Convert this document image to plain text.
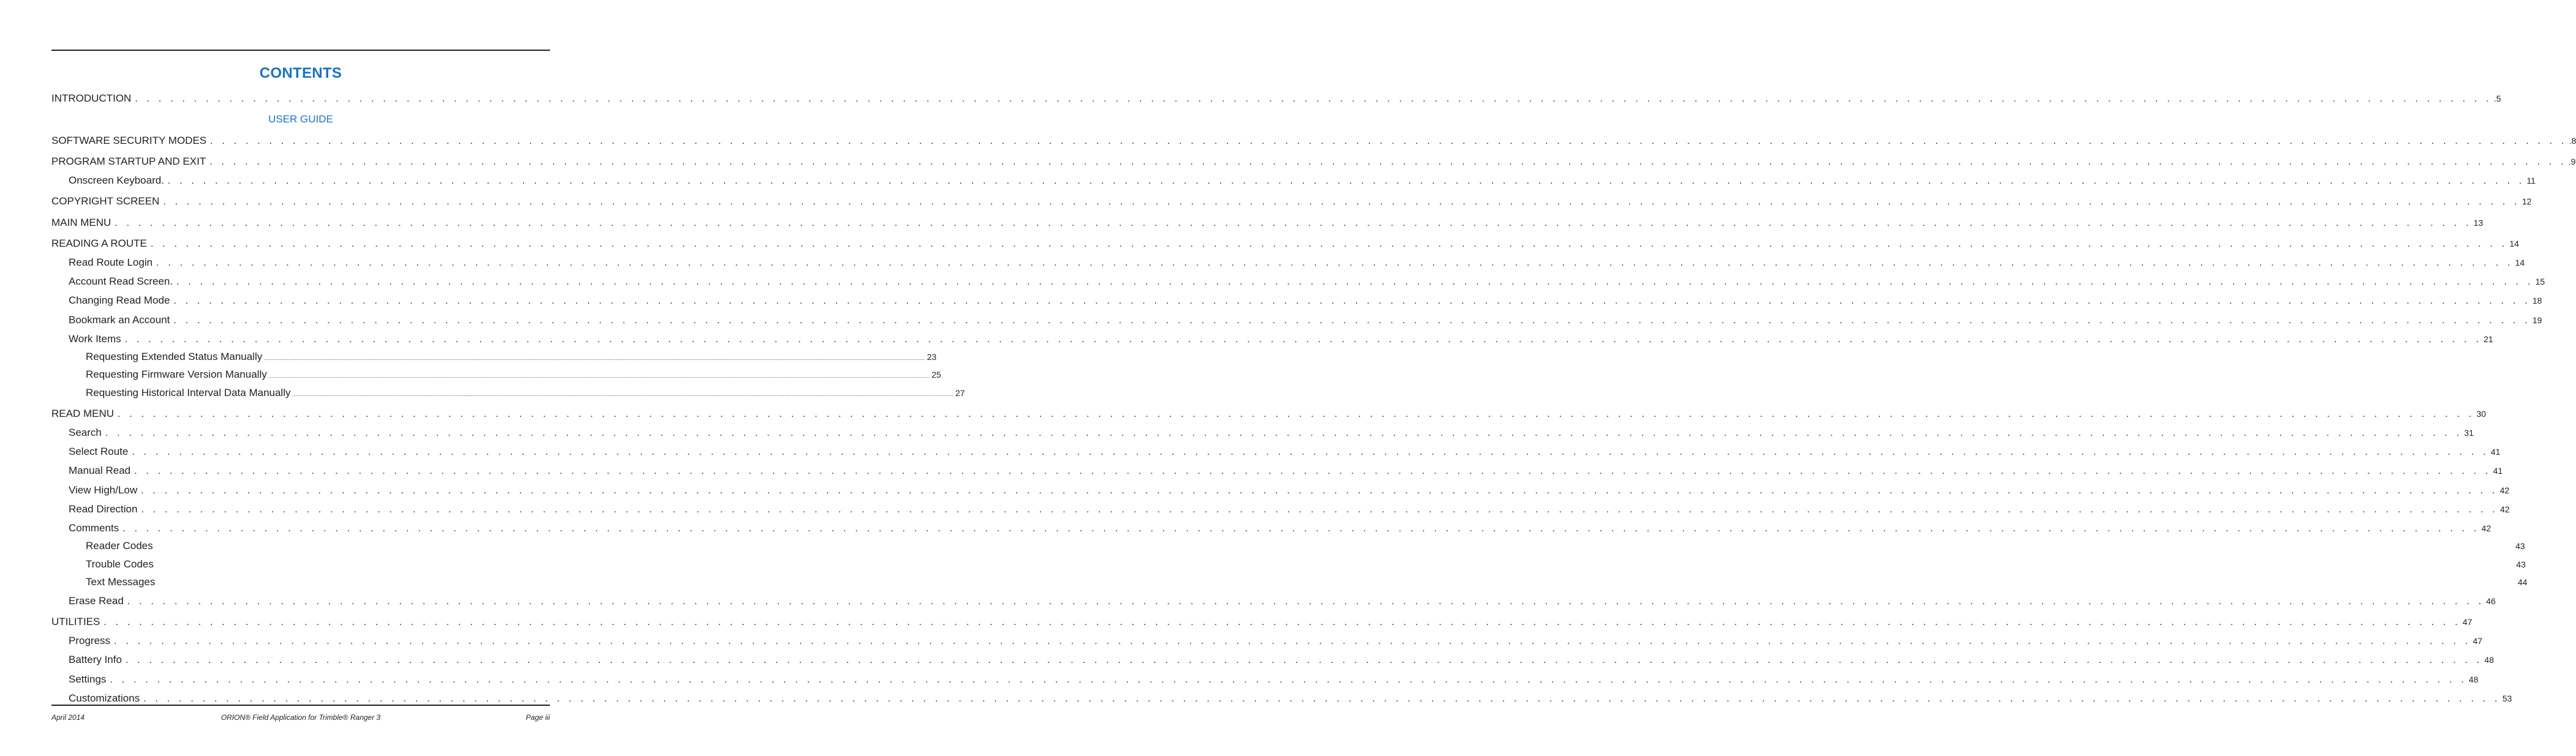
CONTENTS
INTRODUCTION . . . . . . . . . . . . . . . . . . . . . . . . . . . . . . . . . . . . . . . . . . . . . . . . . . . . . . . . . . . . . . . . . . . . . . . . . . . . . . . . . . . . . . . . . . . . . . . . . . . . . . . . . . . . . . . . . . . . . . . . . . . . . . . . . . . . . . . . . . . . . . . . . . . . . . . . . . . . . . . . . . . . . . . . . . . . . . . . . . . . . . . . . . . . . . . . . . . . . . . . .5
USER GUIDE
SOFTWARE SECURITY MODES . . . . . . . . . . . . . . . . . . . . . . . . . . . . . . . . . . . . . . . . . . . . . . . . . . . . . . . . . . . . . . . . . . . . . . . . . . . . . . . . . . . . . . . . . . . . . . . . . . . . . . . . . . . . . . . . . . . . . . . . . . . . . . . . . . . . . . . . . . . . . . . . . . . . . . . . . . . . . . . . . . . . . . . . . . . . . . . . . . . . . . . . . . . . . . . . . . . . . . . . .8
PROGRAM STARTUP AND EXIT . . . . . . . . . . . . . . . . . . . . . . . . . . . . . . . . . . . . . . . . . . . . . . . . . . . . . . . . . . . . . . . . . . . . . . . . . . . . . . . . . . . . . . . . . . . . . . . . . . . . . . . . . . . . . . . . . . . . . . . . . . . . . . . . . . . . . . . . . . . . . . . . . . . . . . . . . . . . . . . . . . . . . . . . . . . . . . . . . . . . . . . . . . . . . . . . . . . . . . . . .9
Onscreen Keyboard. . . . . . . . . . . . . . . . . . . . . . . . . . . . . . . . . . . . . . . . . . . . . . . . . . . . . . . . . . . . . . . . . . . . . . . . . . . . . . . . . . . . . . . . . . . . . . . . . . . . . . . . . . . . . . . . . . . . . . . . . . . . . . . . . . . . . . . . . . . . . . . . . . . . . . . . . . . . . . . . . . . . . . . . . . . . . . . . . . . . . . . . . . . . . . . . . . . . . . . . . 11
COPYRIGHT SCREEN . . . . . . . . . . . . . . . . . . . . . . . . . . . . . . . . . . . . . . . . . . . . . . . . . . . . . . . . . . . . . . . . . . . . . . . . . . . . . . . . . . . . . . . . . . . . . . . . . . . . . . . . . . . . . . . . . . . . . . . . . . . . . . . . . . . . . . . . . . . . . . . . . . . . . . . . . . . . . . . . . . . . . . . . . . . . . . . . . . . . . . . . . . . . . . . . . . . . . . . . 12
MAIN MENU . . . . . . . . . . . . . . . . . . . . . . . . . . . . . . . . . . . . . . . . . . . . . . . . . . . . . . . . . . . . . . . . . . . . . . . . . . . . . . . . . . . . . . . . . . . . . . . . . . . . . . . . . . . . . . . . . . . . . . . . . . . . . . . . . . . . . . . . . . . . . . . . . . . . . . . . . . . . . . . . . . . . . . . . . . . . . . . . . . . . . . . . . . . . . . . . . . . . . . . . 13
READING A ROUTE . . . . . . . . . . . . . . . . . . . . . . . . . . . . . . . . . . . . . . . . . . . . . . . . . . . . . . . . . . . . . . . . . . . . . . . . . . . . . . . . . . . . . . . . . . . . . . . . . . . . . . . . . . . . . . . . . . . . . . . . . . . . . . . . . . . . . . . . . . . . . . . . . . . . . . . . . . . . . . . . . . . . . . . . . . . . . . . . . . . . . . . . . . . . . . . . . . . . . . . . 14
Read Route Login . . . . . . . . . . . . . . . . . . . . . . . . . . . . . . . . . . . . . . . . . . . . . . . . . . . . . . . . . . . . . . . . . . . . . . . . . . . . . . . . . . . . . . . . . . . . . . . . . . . . . . . . . . . . . . . . . . . . . . . . . . . . . . . . . . . . . . . . . . . . . . . . . . . . . . . . . . . . . . . . . . . . . . . . . . . . . . . . . . . . . . . . . . . . . . . . . . . . . . . . 14
Account Read Screen. . . . . . . . . . . . . . . . . . . . . . . . . . . . . . . . . . . . . . . . . . . . . . . . . . . . . . . . . . . . . . . . . . . . . . . . . . . . . . . . . . . . . . . . . . . . . . . . . . . . . . . . . . . . . . . . . . . . . . . . . . . . . . . . . . . . . . . . . . . . . . . . . . . . . . . . . . . . . . . . . . . . . . . . . . . . . . . . . . . . . . . . . . . . . . . . . . . . . . . . . 15
Changing Read Mode . . . . . . . . . . . . . . . . . . . . . . . . . . . . . . . . . . . . . . . . . . . . . . . . . . . . . . . . . . . . . . . . . . . . . . . . . . . . . . . . . . . . . . . . . . . . . . . . . . . . . . . . . . . . . . . . . . . . . . . . . . . . . . . . . . . . . . . . . . . . . . . . . . . . . . . . . . . . . . . . . . . . . . . . . . . . . . . . . . . . . . . . . . . . . . . . . . . . . . . . 18
Bookmark an Account . . . . . . . . . . . . . . . . . . . . . . . . . . . . . . . . . . . . . . . . . . . . . . . . . . . . . . . . . . . . . . . . . . . . . . . . . . . . . . . . . . . . . . . . . . . . . . . . . . . . . . . . . . . . . . . . . . . . . . . . . . . . . . . . . . . . . . . . . . . . . . . . . . . . . . . . . . . . . . . . . . . . . . . . . . . . . . . . . . . . . . . . . . . . . . . . . . . . . . . . 19
Work Items . . . . . . . . . . . . . . . . . . . . . . . . . . . . . . . . . . . . . . . . . . . . . . . . . . . . . . . . . . . . . . . . . . . . . . . . . . . . . . . . . . . . . . . . . . . . . . . . . . . . . . . . . . . . . . . . . . . . . . . . . . . . . . . . . . . . . . . . . . . . . . . . . . . . . . . . . . . . . . . . . . . . . . . . . . . . . . . . . . . . . . . . . . . . . . . . . . . . . . . . 21
Requesting Extended Status Manually ................................................................................................................................................................................................................................................................................................................................................................................................................ 23
Requesting Firmware Version Manually ................................................................................................................................................................................................................................................................................................................................................................................................................ 25
Requesting Historical Interval Data Manually ................................................................................................................................................................................................................................................................................................................................................................................................................ 27
READ MENU . . . . . . . . . . . . . . . . . . . . . . . . . . . . . . . . . . . . . . . . . . . . . . . . . . . . . . . . . . . . . . . . . . . . . . . . . . . . . . . . . . . . . . . . . . . . . . . . . . . . . . . . . . . . . . . . . . . . . . . . . . . . . . . . . . . . . . . . . . . . . . . . . . . . . . . . . . . . . . . . . . . . . . . . . . . . . . . . . . . . . . . . . . . . . . . . . . . . . . . . 30
Search . . . . . . . . . . . . . . . . . . . . . . . . . . . . . . . . . . . . . . . . . . . . . . . . . . . . . . . . . . . . . . . . . . . . . . . . . . . . . . . . . . . . . . . . . . . . . . . . . . . . . . . . . . . . . . . . . . . . . . . . . . . . . . . . . . . . . . . . . . . . . . . . . . . . . . . . . . . . . . . . . . . . . . . . . . . . . . . . . . . . . . . . . . . . . . . . . . . . . . . . 31
Select Route . . . . . . . . . . . . . . . . . . . . . . . . . . . . . . . . . . . . . . . . . . . . . . . . . . . . . . . . . . . . . . . . . . . . . . . . . . . . . . . . . . . . . . . . . . . . . . . . . . . . . . . . . . . . . . . . . . . . . . . . . . . . . . . . . . . . . . . . . . . . . . . . . . . . . . . . . . . . . . . . . . . . . . . . . . . . . . . . . . . . . . . . . . . . . . . . . . . . . . . . 41
Manual Read . . . . . . . . . . . . . . . . . . . . . . . . . . . . . . . . . . . . . . . . . . . . . . . . . . . . . . . . . . . . . . . . . . . . . . . . . . . . . . . . . . . . . . . . . . . . . . . . . . . . . . . . . . . . . . . . . . . . . . . . . . . . . . . . . . . . . . . . . . . . . . . . . . . . . . . . . . . . . . . . . . . . . . . . . . . . . . . . . . . . . . . . . . . . . . . . . . . . . . . . 41
View High/Low . . . . . . . . . . . . . . . . . . . . . . . . . . . . . . . . . . . . . . . . . . . . . . . . . . . . . . . . . . . . . . . . . . . . . . . . . . . . . . . . . . . . . . . . . . . . . . . . . . . . . . . . . . . . . . . . . . . . . . . . . . . . . . . . . . . . . . . . . . . . . . . . . . . . . . . . . . . . . . . . . . . . . . . . . . . . . . . . . . . . . . . . . . . . . . . . . . . . . . . . 42
Read Direction . . . . . . . . . . . . . . . . . . . . . . . . . . . . . . . . . . . . . . . . . . . . . . . . . . . . . . . . . . . . . . . . . . . . . . . . . . . . . . . . . . . . . . . . . . . . . . . . . . . . . . . . . . . . . . . . . . . . . . . . . . . . . . . . . . . . . . . . . . . . . . . . . . . . . . . . . . . . . . . . . . . . . . . . . . . . . . . . . . . . . . . . . . . . . . . . . . . . . . . . 42
Comments . . . . . . . . . . . . . . . . . . . . . . . . . . . . . . . . . . . . . . . . . . . . . . . . . . . . . . . . . . . . . . . . . . . . . . . . . . . . . . . . . . . . . . . . . . . . . . . . . . . . . . . . . . . . . . . . . . . . . . . . . . . . . . . . . . . . . . . . . . . . . . . . . . . . . . . . . . . . . . . . . . . . . . . . . . . . . . . . . . . . . . . . . . . . . . . . . . . . . . . . 42
Reader Codes	43
Trouble Codes	43
Text Messages	44
Erase Read . . . . . . . . . . . . . . . . . . . . . . . . . . . . . . . . . . . . . . . . . . . . . . . . . . . . . . . . . . . . . . . . . . . . . . . . . . . . . . . . . . . . . . . . . . . . . . . . . . . . . . . . . . . . . . . . . . . . . . . . . . . . . . . . . . . . . . . . . . . . . . . . . . . . . . . . . . . . . . . . . . . . . . . . . . . . . . . . . . . . . . . . . . . . . . . . . . . . . . . . 46
UTILITIES . . . . . . . . . . . . . . . . . . . . . . . . . . . . . . . . . . . . . . . . . . . . . . . . . . . . . . . . . . . . . . . . . . . . . . . . . . . . . . . . . . . . . . . . . . . . . . . . . . . . . . . . . . . . . . . . . . . . . . . . . . . . . . . . . . . . . . . . . . . . . . . . . . . . . . . . . . . . . . . . . . . . . . . . . . . . . . . . . . . . . . . . . . . . . . . . . . . . . . . . 47
Progress . . . . . . . . . . . . . . . . . . . . . . . . . . . . . . . . . . . . . . . . . . . . . . . . . . . . . . . . . . . . . . . . . . . . . . . . . . . . . . . . . . . . . . . . . . . . . . . . . . . . . . . . . . . . . . . . . . . . . . . . . . . . . . . . . . . . . . . . . . . . . . . . . . . . . . . . . . . . . . . . . . . . . . . . . . . . . . . . . . . . . . . . . . . . . . . . . . . . . . . . 47
Battery Info . . . . . . . . . . . . . . . . . . . . . . . . . . . . . . . . . . . . . . . . . . . . . . . . . . . . . . . . . . . . . . . . . . . . . . . . . . . . . . . . . . . . . . . . . . . . . . . . . . . . . . . . . . . . . . . . . . . . . . . . . . . . . . . . . . . . . . . . . . . . . . . . . . . . . . . . . . . . . . . . . . . . . . . . . . . . . . . . . . . . . . . . . . . . . . . . . . . . . . . . 48
Settings . . . . . . . . . . . . . . . . . . . . . . . . . . . . . . . . . . . . . . . . . . . . . . . . . . . . . . . . . . . . . . . . . . . . . . . . . . . . . . . . . . . . . . . . . . . . . . . . . . . . . . . . . . . . . . . . . . . . . . . . . . . . . . . . . . . . . . . . . . . . . . . . . . . . . . . . . . . . . . . . . . . . . . . . . . . . . . . . . . . . . . . . . . . . . . . . . . . . . . . . 48
Customizations . . . . . . . . . . . . . . . . . . . . . . . . . . . . . . . . . . . . . . . . . . . . . . . . . . . . . . . . . . . . . . . . . . . . . . . . . . . . . . . . . . . . . . . . . . . . . . . . . . . . . . . . . . . . . . . . . . . . . . . . . . . . . . . . . . . . . . . . . . . . . . . . . . . . . . . . . . . . . . . . . . . . . . . . . . . . . . . . . . . . . . . . . . . . . . . . . . . . . . . . 53
April 2014	ORION® Field Application for Trimble® Ranger 3	Page iii
